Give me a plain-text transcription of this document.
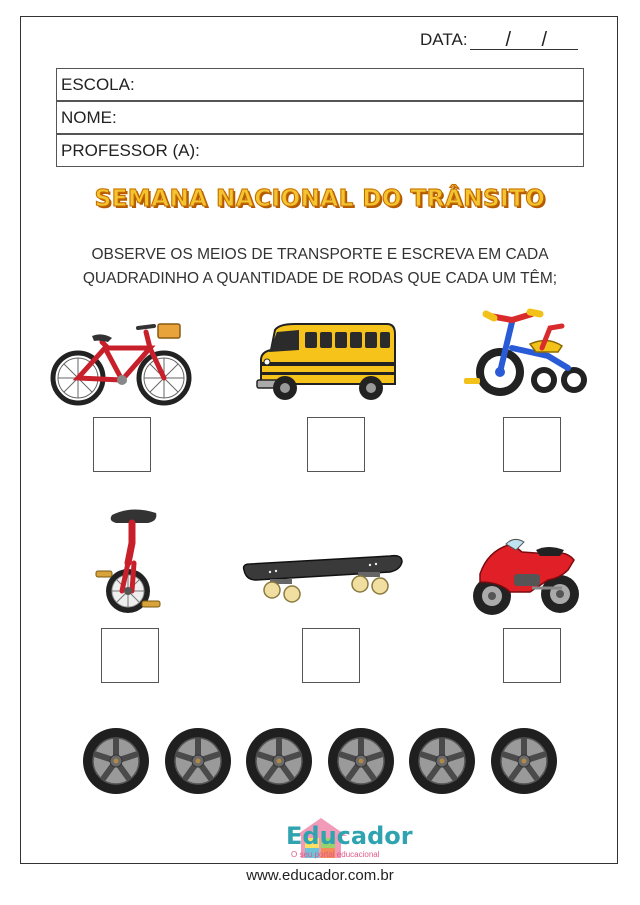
DATA: / /
ESCOLA:
NOME:
PROFESSOR (A):
SEMANA NACIONAL DO TRÂNSITO
OBSERVE OS MEIOS DE TRANSPORTE E ESCREVA EM CADA
QUADRADINHO A QUANTIDADE DE RODAS QUE CADA UM TÊM;
Educador
O seu portal educacional
www.educador.com.br
